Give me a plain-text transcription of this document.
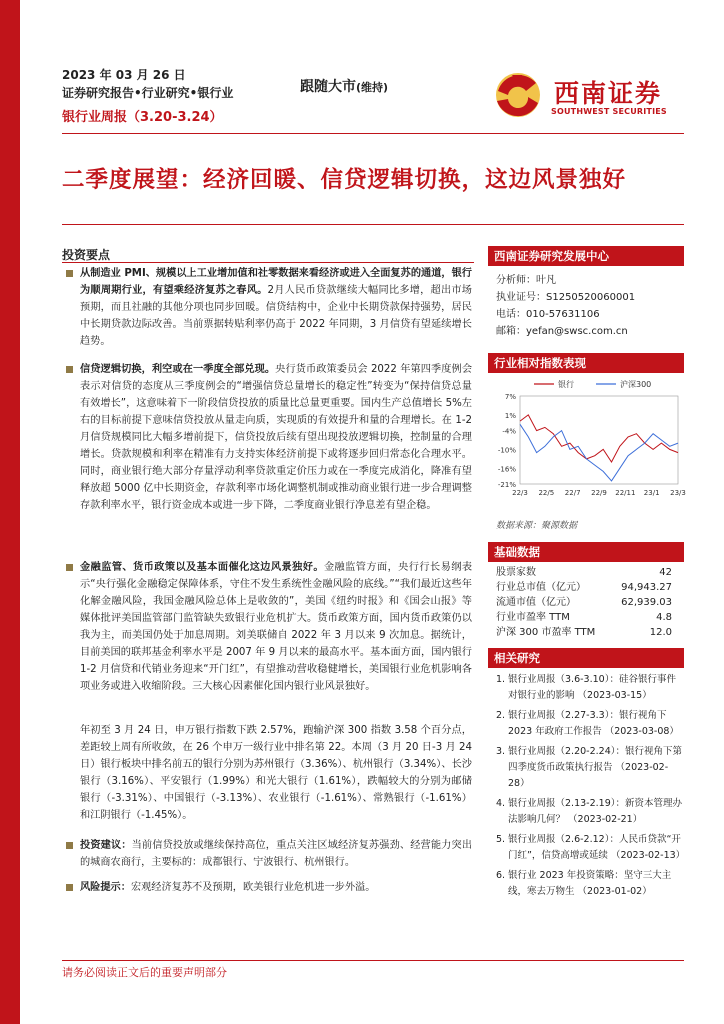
2023 年 03 月 26 日
证券研究报告•行业研究•银行业
银行业周报（3.20-3.24）
跟随大市(维持)	西南证券
SOUTHWEST SECURITIES
二季度展望：经济回暖、信贷逻辑切换，这边风景独好
投资要点
从制造业 PMI、规模以上工业增加值和社零数据来看经济或进入全面复苏的通道，银行为顺周期行业，有望乘经济复苏之春风。2月人民币贷款继续大幅同比多增，超出市场预期，而且社融的其他分项也同步回暖。信贷结构中，企业中长期贷款保持强势，居民中长期贷款边际改善。当前票据转贴利率仍高于 2022 年同期，3 月信贷有望延续增长趋势。
信贷逻辑切换，利空或在一季度全部兑现。央行货币政策委员会 2022 年第四季度例会表示对信贷的态度从三季度例会的“增强信贷总量增长的稳定性”转变为“保持信贷总量有效增长”，这意味着下一阶段信贷投放的质量比总量更重要。国内生产总值增长 5%左右的目标前提下意味信贷投放从量走向质，实现质的有效提升和量的合理增长。在 1-2 月信贷规模同比大幅多增前提下，信贷投放后续有望出现投放逻辑切换，控制量的合理增长。贷款规模和利率在精准有力支持实体经济前提下或将逐步回归常态化合理水平。同时，商业银行绝大部分存量浮动利率贷款重定价压力或在一季度完成消化，降准有望释放超 5000 亿中长期资金，存款利率市场化调整机制或推动商业银行进一步合理调整存款利率水平，银行资金成本或进一步下降，二季度商业银行净息差有望企稳。
金融监管、货币政策以及基本面催化这边风景独好。金融监管方面，央行行长易纲表示“央行强化金融稳定保障体系，守住不发生系统性金融风险的底线。”“我们最近这些年化解金融风险，我国金融风险总体上是收敛的”，美国《纽约时报》和《国会山报》等媒体批评美国监管部门监管缺失致银行业危机扩大。货币政策方面，国内货币政策仍以我为主，而美国仍处于加息周期。刘美联储自 2022 年 3 月以来 9 次加息。据统计，目前美国的联邦基金利率水平是 2007 年 9 月以来的最高水平。基本面方面，国内银行 1-2 月信贷和代销业务迎来“开门红”，有望推动营收稳健增长，美国银行业危机影响各项业务或进入收缩阶段。三大核心因素催化国内银行业风景独好。
年初至 3 月 24 日，申万银行指数下跌 2.57%，跑输沪深 300 指数 3.58 个百分点，差距较上周有所收敛，在 26 个申万一级行业中排名第 22。本周（3 月 20 日-3 月 24 日）银行板块中排名前五的银行分别为苏州银行（3.36%）、杭州银行（3.34%）、长沙银行（3.16%）、平安银行（1.99%）和光大银行（1.61%），跌幅较大的分别为邮储银行（-3.31%）、中国银行（-3.13%）、农业银行（-1.61%）、常熟银行（-1.61%）和江阴银行（-1.45%）。
投资建议：当前信贷投放或继续保持高位，重点关注区域经济复苏强劲、经营能力突出的城商农商行，主要标的：成都银行、宁波银行、杭州银行。
风险提示：宏观经济复苏不及预期，欧美银行业危机进一步外溢。
西南证券研究发展中心
分析师：叶凡
执业证号：S1250520060001
电话：010-57631106
邮箱：yefan@swsc.com.cn
行业相对指数表现
7%
1%
-4%
-10%
-16%
-21%
22/3 22/5 22/7 22/9 22/11 23/1 23/3
银行	沪深300
数据来源：聚源数据
基础数据
股票家数	42
行业总市值（亿元）	94,943.27
流通市值（亿元）	62,939.03
行业市盈率 TTM	4.8
沪深 300 市盈率 TTM	12.0
相关研究
1. 银行业周报（3.6-3.10）：硅谷银行事件对银行业的影响 （2023-03-15）
2. 银行业周报（2.27-3.3）：银行视角下 2023 年政府工作报告 （2023-03-08）
3. 银行业周报（2.20-2.24）：银行视角下第四季度货币政策执行报告 （2023-02-28）
4. 银行业周报（2.13-2.19）：新资本管理办法影响几何？ （2023-02-21）
5. 银行业周报（2.6-2.12）：人民币贷款“开门红”，信贷高增或延续 （2023-02-13）
6. 银行业 2023 年投资策略：坚守三大主线，寒去万物生 （2023-01-02）
请务必阅读正文后的重要声明部分
